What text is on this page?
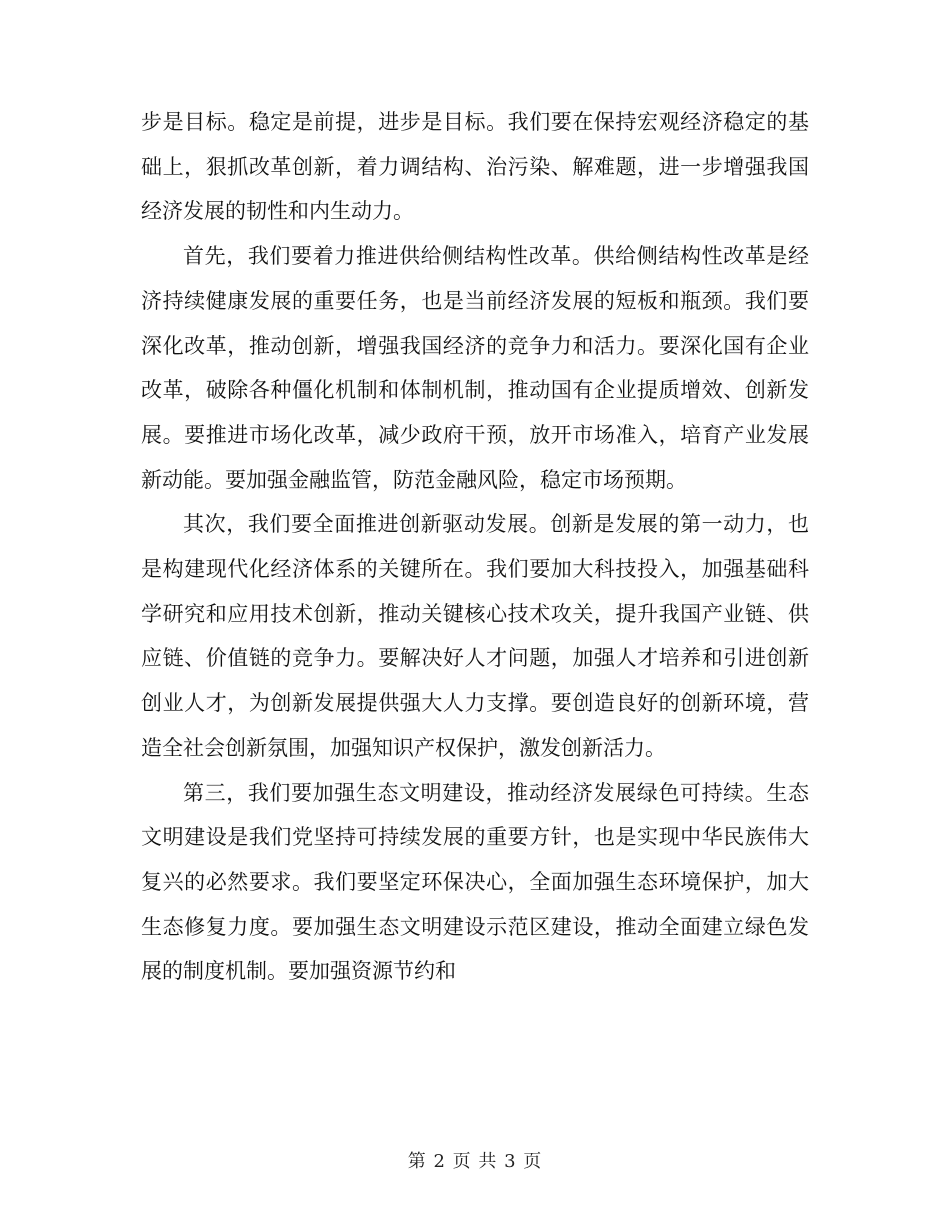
步是目标。稳定是前提，进步是目标。我们要在保持宏观经济稳定的基础上，狠抓改革创新，着力调结构、治污染、解难题，进一步增强我国经济发展的韧性和内生动力。

首先，我们要着力推进供给侧结构性改革。供给侧结构性改革是经济持续健康发展的重要任务，也是当前经济发展的短板和瓶颈。我们要深化改革，推动创新，增强我国经济的竞争力和活力。要深化国有企业改革，破除各种僵化机制和体制机制，推动国有企业提质增效、创新发展。要推进市场化改革，减少政府干预，放开市场准入，培育产业发展新动能。要加强金融监管，防范金融风险，稳定市场预期。

其次，我们要全面推进创新驱动发展。创新是发展的第一动力，也是构建现代化经济体系的关键所在。我们要加大科技投入，加强基础科学研究和应用技术创新，推动关键核心技术攻关，提升我国产业链、供应链、价值链的竞争力。要解决好人才问题，加强人才培养和引进创新创业人才，为创新发展提供强大人力支撑。要创造良好的创新环境，营造全社会创新氛围，加强知识产权保护，激发创新活力。

第三，我们要加强生态文明建设，推动经济发展绿色可持续。生态文明建设是我们党坚持可持续发展的重要方针，也是实现中华民族伟大复兴的必然要求。我们要坚定环保决心，全面加强生态环境保护，加大生态修复力度。要加强生态文明建设示范区建设，推动全面建立绿色发展的制度机制。要加强资源节约和

第 2 页 共 3 页
